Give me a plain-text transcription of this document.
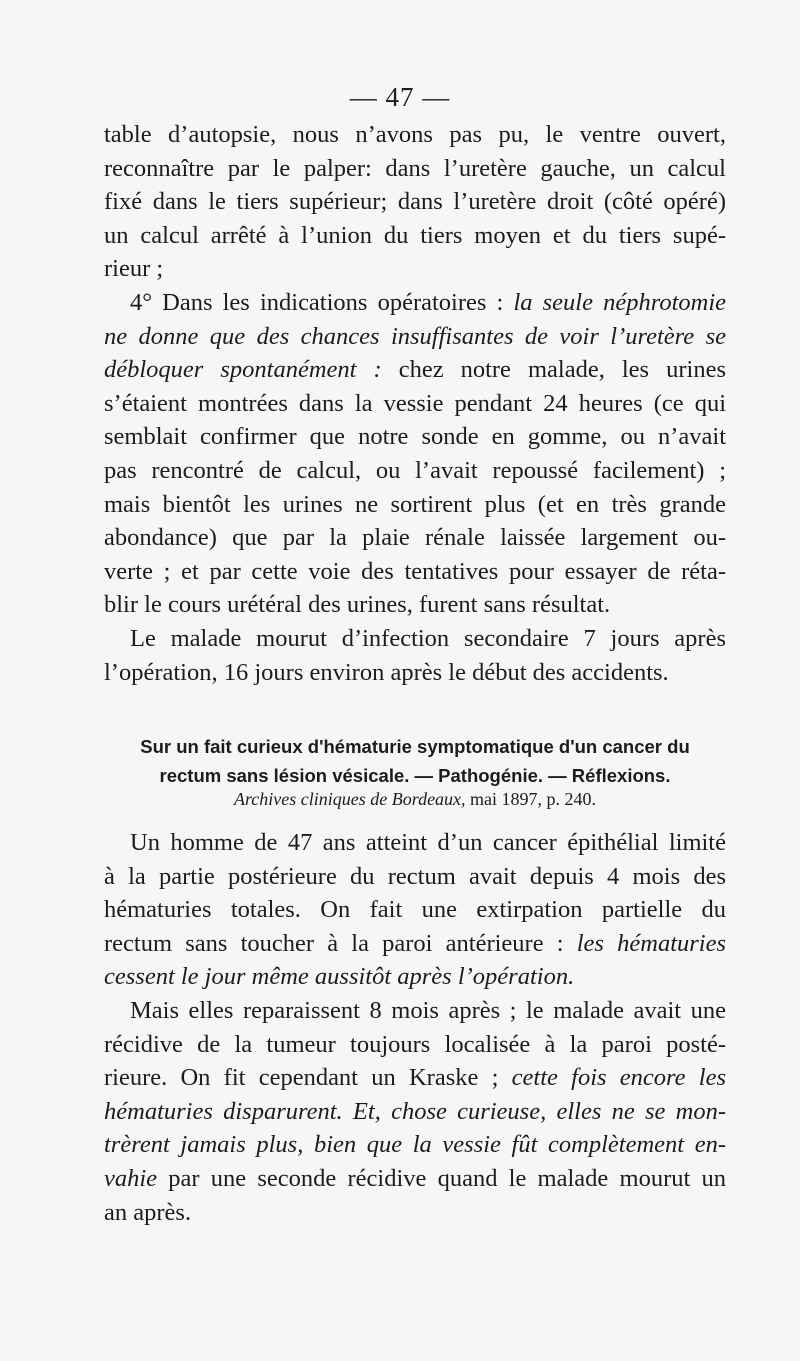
— 47 —
table d’autopsie, nous n’avons pas pu, le ventre ouvert,
reconnaître par le palper: dans l’uretère gauche, un calcul
fixé dans le tiers supérieur; dans l’uretère droit (côté opéré)
un calcul arrêté à l’union du tiers moyen et du tiers supé-
rieur ;
4° Dans les indications opératoires : la seule néphrotomie
ne donne que des chances insuffisantes de voir l’uretère se
débloquer spontanément : chez notre malade, les urines
s’étaient montrées dans la vessie pendant 24 heures (ce qui
semblait confirmer que notre sonde en gomme, ou n’avait
pas rencontré de calcul, ou l’avait repoussé facilement) ;
mais bientôt les urines ne sortirent plus (et en très grande
abondance) que par la plaie rénale laissée largement ou-
verte ; et par cette voie des tentatives pour essayer de réta-
blir le cours urétéral des urines, furent sans résultat.
Le malade mourut d’infection secondaire 7 jours après
l’opération, 16 jours environ après le début des accidents.
Sur un fait curieux d'hématurie symptomatique d'un cancer du
rectum sans lésion vésicale. — Pathogénie. — Réflexions.
Archives cliniques de Bordeaux, mai 1897, p. 240.
Un homme de 47 ans atteint d’un cancer épithélial limité
à la partie postérieure du rectum avait depuis 4 mois des
hématuries totales. On fait une extirpation partielle du
rectum sans toucher à la paroi antérieure : les hématuries
cessent le jour même aussitôt après l’opération.
Mais elles reparaissent 8 mois après ; le malade avait une
récidive de la tumeur toujours localisée à la paroi posté-
rieure. On fit cependant un Kraske ; cette fois encore les
hématuries disparurent. Et, chose curieuse, elles ne se mon-
trèrent jamais plus, bien que la vessie fût complètement en-
vahie par une seconde récidive quand le malade mourut un
an après.
